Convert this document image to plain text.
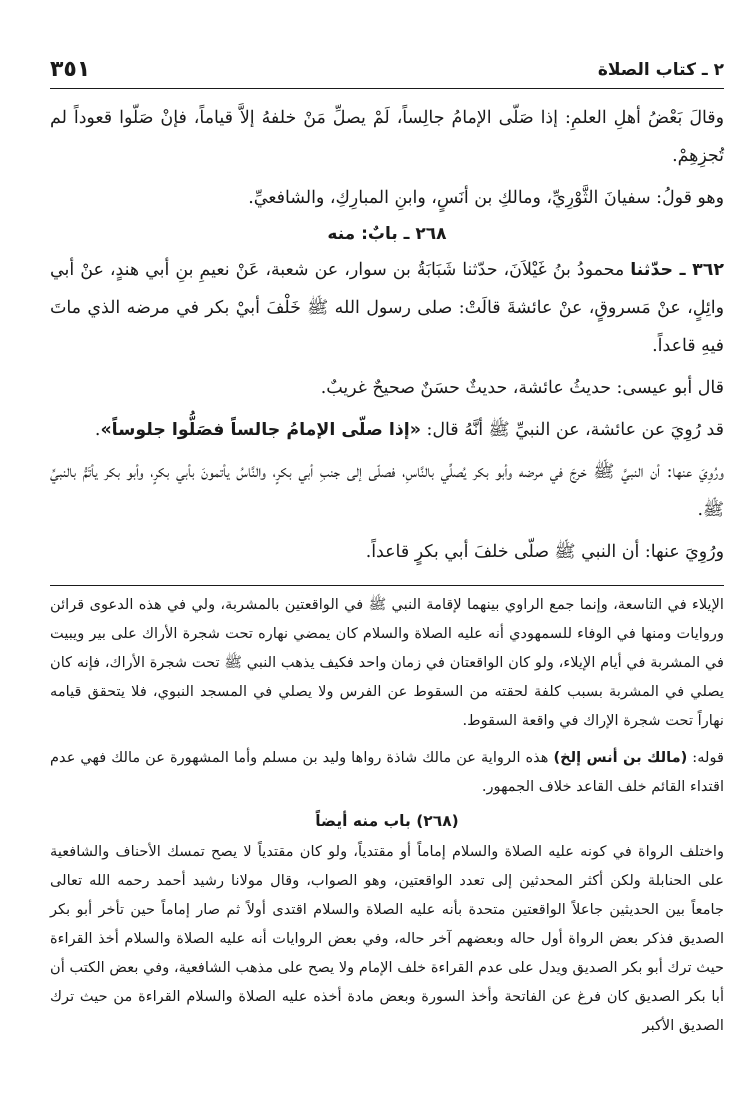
٢ ـ كتاب الصلاة
٣٥١

وقالَ بَعْضُ أهلِ العلمِ: إذا صَلّى الإمامُ جالِساً، لَمْ يصلِّ مَنْ خلفهُ إلاَّ قياماً، فإنْ صَلّوا قعوداً لم تُجزِهِمْ.

وهو قولُ: سفيانَ الثَّوْرِيِّ، ومالكِ بن أنَسٍ، وابنِ المبارِكِ، والشافعيِّ.

٢٦٨ ـ بابٌ: منه

٣٦٢ ـ حدّثنا محمودُ بنُ غَيْلاَنَ، حدّثنا شَبَابَةُ بن سوار، عن شعبة، عَنْ نعيمِ بنِ أبي هندٍ، عنْ أبي وائِلٍ، عنْ مَسروقٍ، عنْ عائشةَ قالَتْ: صلى رسول الله ﷺ خَلْفَ أبيْ بكر في مرضه الذي ماتَ فيهِ قاعداً.

قال أبو عيسى: حديثُ عائشة، حديثٌ حسَنٌ صحيحٌ غريبٌ.

قد رُوِيَ عن عائشة، عن النبيِّ ﷺ أنَّهُ قال: «إذا صلّى الإمامُ جالساً فصَلُّوا جلوساً».

ورُوِيَ عنها: أن النبيَّ ﷺ خرجَ في مرضه وأبو بكر يُصلِّي بالنَّاسِ، فصلّى إلى جنبِ أبي بكرٍ، والنَّاسُ يأتمونَ بأبي بكرٍ، وأبو بكر يأتَمُّ بالنبيِّ ﷺ.

ورُوِيَ عنها: أن النبي ﷺ صلّى خلفَ أبي بكرٍ قاعداً.

الإيلاء في التاسعة، وإنما جمع الراوي بينهما لإقامة النبي ﷺ في الواقعتين بالمشربة، ولي في هذه الدعوى قرائن وروايات ومنها في الوفاء للسمهودي أنه عليه الصلاة والسلام كان يمضي نهاره تحت شجرة الأراك على بير ويبيت في المشربة في أيام الإيلاء، ولو كان الواقعتان في زمان واحد فكيف يذهب النبي ﷺ تحت شجرة الأراك، فإنه كان يصلي في المشربة بسبب كلفة لحقته من السقوط عن الفرس ولا يصلي في المسجد النبوي، فلا يتحقق قيامه نهاراً تحت شجرة الإراك في واقعة السقوط.

قوله: (مالك بن أنس إلخ) هذه الرواية عن مالك شاذة رواها وليد بن مسلم وأما المشهورة عن مالك فهي عدم اقتداء القائم خلف القاعد خلاف الجمهور.

(٢٦٨) باب منه أيضاً

واختلف الرواة في كونه عليه الصلاة والسلام إماماً أو مقتدياً، ولو كان مقتدياً لا يصح تمسك الأحناف والشافعية على الحنابلة ولكن أكثر المحدثين إلى تعدد الواقعتين، وهو الصواب، وقال مولانا رشيد أحمد رحمه الله تعالى جامعاً بين الحديثين جاعلاً الواقعتين متحدة بأنه عليه الصلاة والسلام اقتدى أولاً ثم صار إماماً حين تأخر أبو بكر الصديق فذكر بعض الرواة أول حاله وبعضهم آخر حاله، وفي بعض الروايات أنه عليه الصلاة والسلام أخذ القراءة حيث ترك أبو بكر الصديق ويدل على عدم القراءة خلف الإمام ولا يصح على مذهب الشافعية، وفي بعض الكتب أن أبا بكر الصديق كان فرغ عن الفاتحة وأخذ السورة وبعض مادة أخذه عليه الصلاة والسلام القراءة من حيث ترك الصديق الأكبر
